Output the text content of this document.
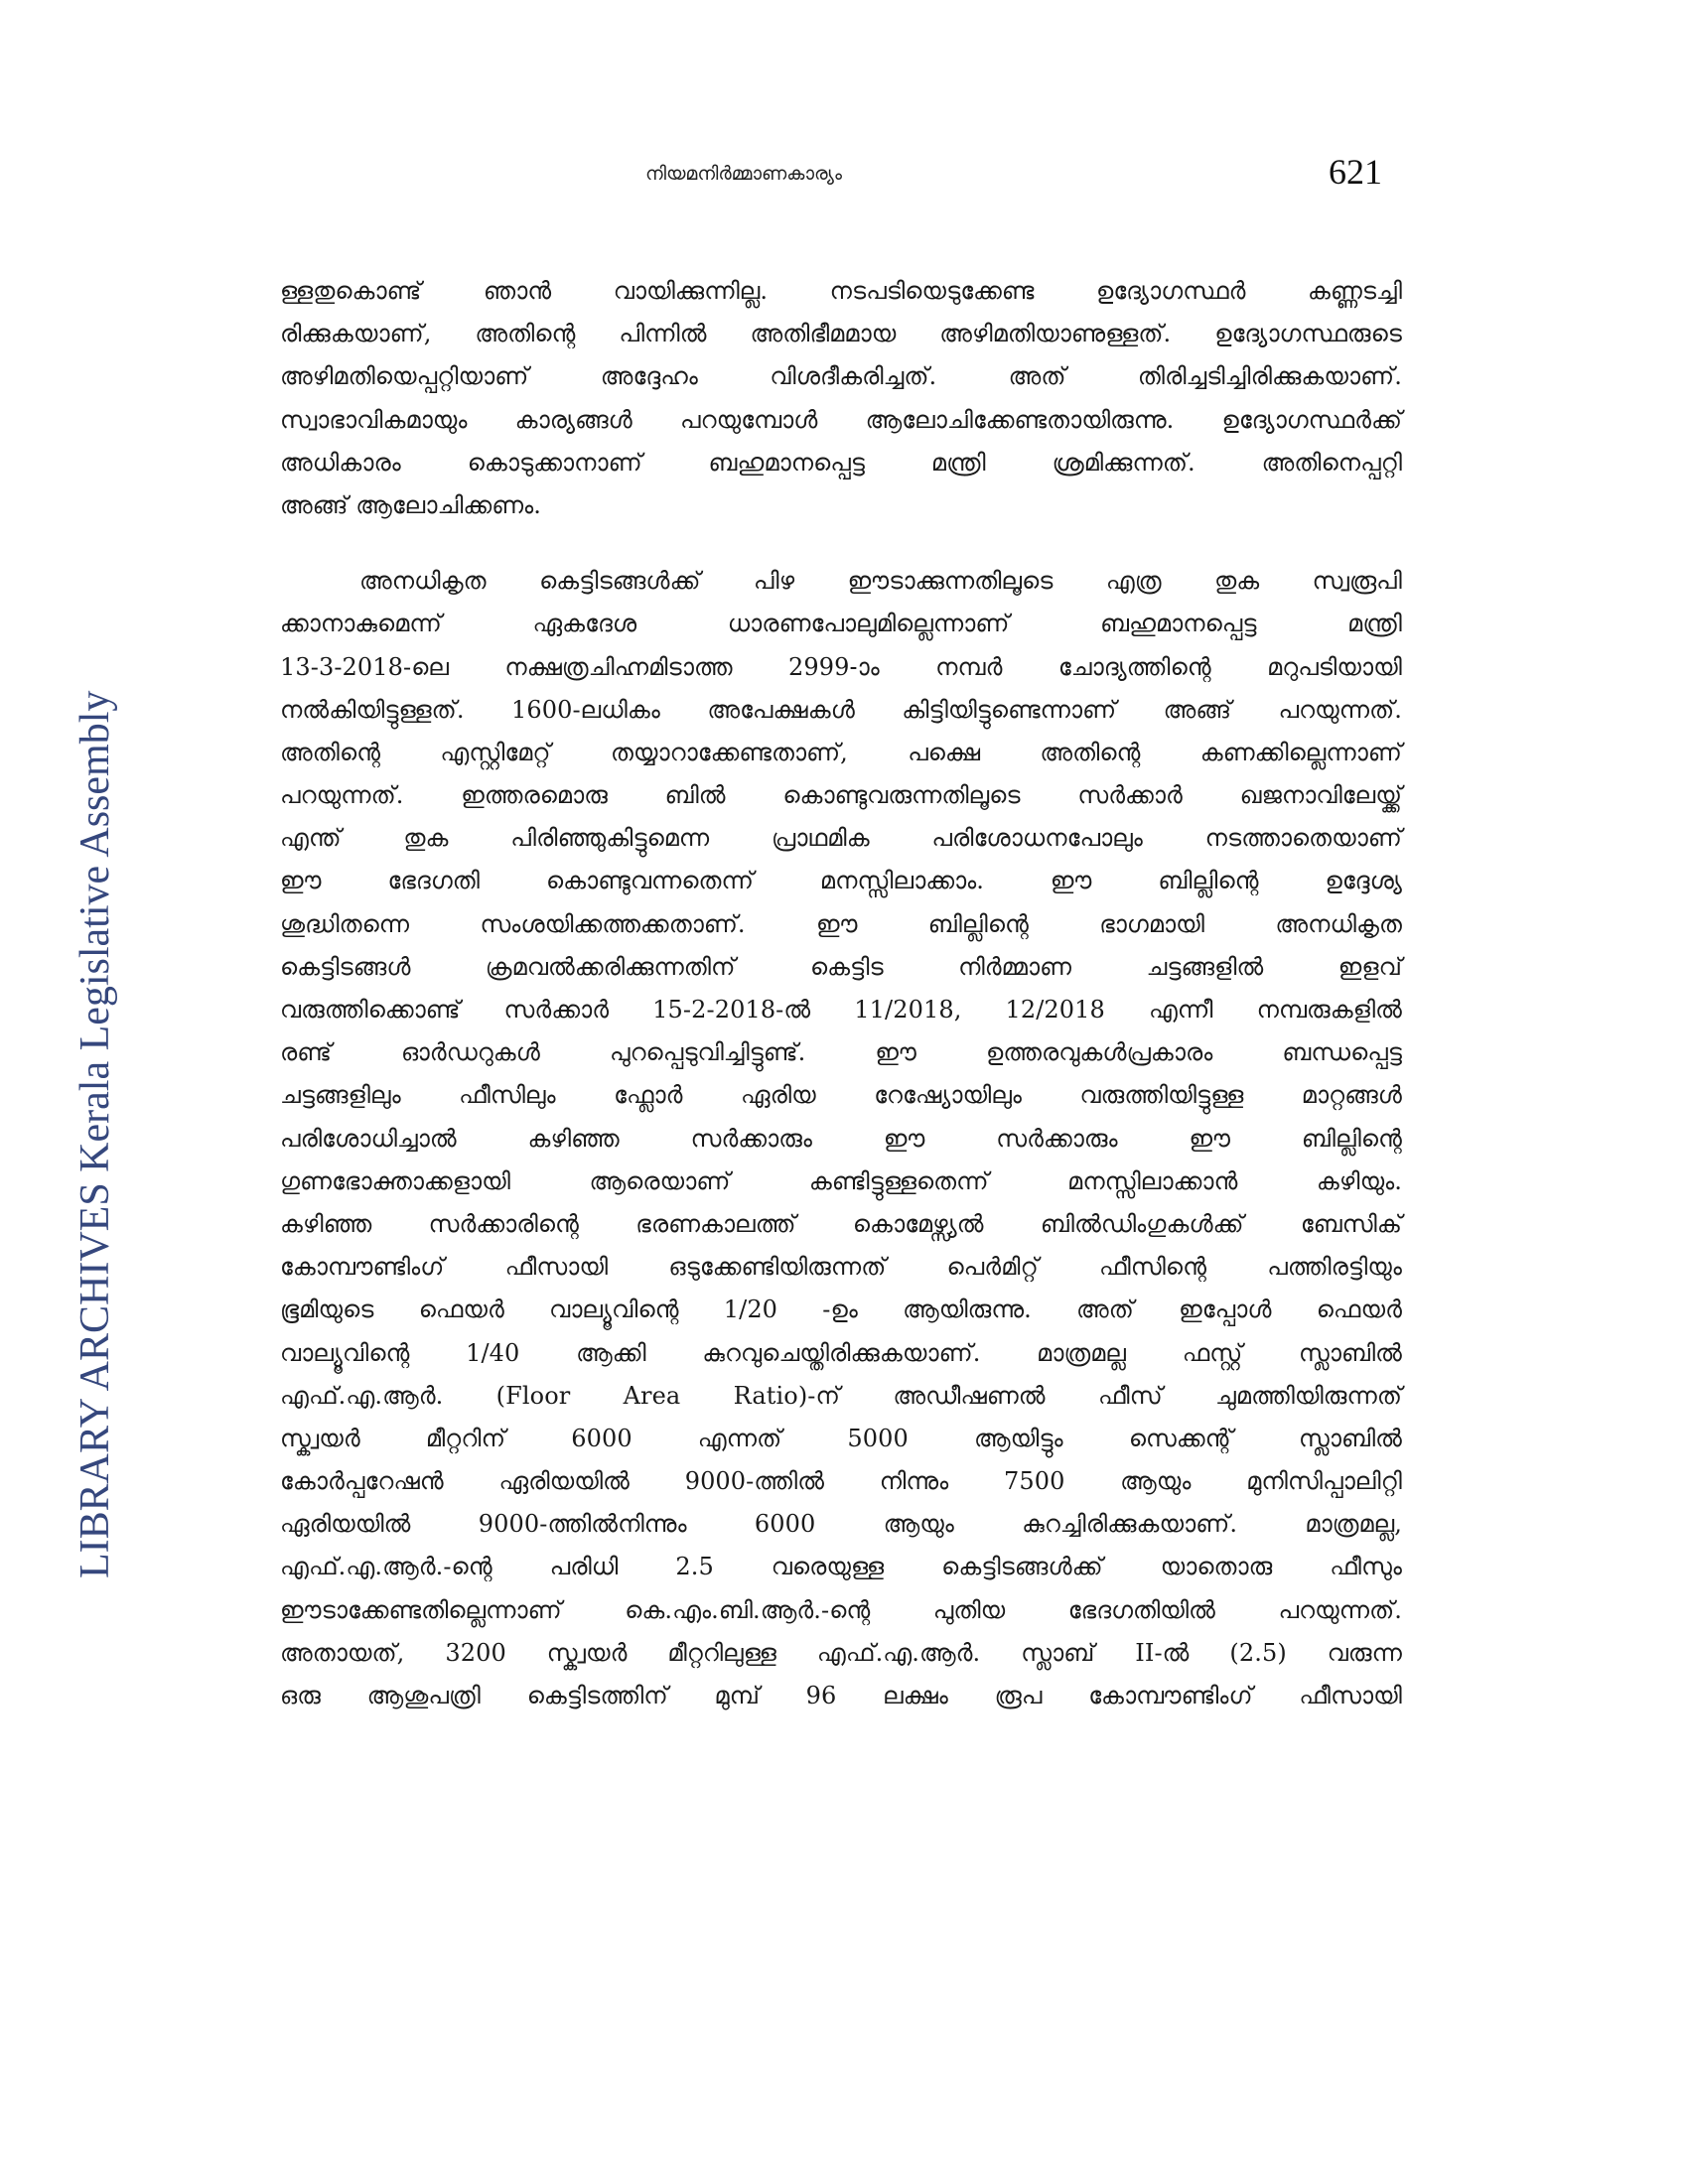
നിയമനിർമ്മാണകാര്യം	621
LIBRARY ARCHIVES Kerala Legislative Assembly
ള്ളതുകൊണ്ട് ഞാൻ വായിക്കുന്നില്ല. നടപടിയെടുക്കേണ്ട ഉദ്യോഗസ്ഥർ കണ്ണടച്ചി
രിക്കുകയാണ്, അതിന്റെ പിന്നിൽ അതിഭീമമായ അഴിമതിയാണുള്ളത്. ഉദ്യോഗസ്ഥരുടെ
അഴിമതിയെപ്പറ്റിയാണ് അദ്ദേഹം വിശദീകരിച്ചത്. അത് തിരിച്ചടിച്ചിരിക്കുകയാണ്.
സ്വാഭാവികമായും കാര്യങ്ങൾ പറയുമ്പോൾ ആലോചിക്കേണ്ടതായിരുന്നു. ഉദ്യോഗസ്ഥർക്ക്
അധികാരം കൊടുക്കാനാണ് ബഹുമാനപ്പെട്ട മന്ത്രി ശ്രമിക്കുന്നത്. അതിനെപ്പറ്റി
അങ്ങ് ആലോചിക്കണം.
അനധികൃത കെട്ടിടങ്ങൾക്ക് പിഴ ഈടാക്കുന്നതിലൂടെ എത്ര തുക സ്വരൂപി
ക്കാനാകുമെന്ന് ഏകദേശ ധാരണപോലുമില്ലെന്നാണ് ബഹുമാനപ്പെട്ട മന്ത്രി
13-3-2018-ലെ നക്ഷത്രചിഹ്നമിടാത്ത 2999-ാം നമ്പർ ചോദ്യത്തിന്റെ മറുപടിയായി
നൽകിയിട്ടുള്ളത്. 1600-ലധികം അപേക്ഷകൾ കിട്ടിയിട്ടുണ്ടെന്നാണ് അങ്ങ് പറയുന്നത്.
അതിന്റെ എസ്റ്റിമേറ്റ് തയ്യാറാക്കേണ്ടതാണ്, പക്ഷെ അതിന്റെ കണക്കില്ലെന്നാണ്
പറയുന്നത്. ഇത്തരമൊരു ബിൽ കൊണ്ടുവരുന്നതിലൂടെ സർക്കാർ ഖജനാവിലേയ്ക്ക്
എന്ത് തുക പിരിഞ്ഞുകിട്ടുമെന്ന പ്രാഥമിക പരിശോധനപോലും നടത്താതെയാണ്
ഈ ഭേദഗതി കൊണ്ടുവന്നതെന്ന് മനസ്സിലാക്കാം. ഈ ബില്ലിന്റെ ഉദ്ദേശ്യ
ശുദ്ധിതന്നെ സംശയിക്കത്തക്കതാണ്. ഈ ബില്ലിന്റെ ഭാഗമായി അനധികൃത
കെട്ടിടങ്ങൾ ക്രമവൽക്കരിക്കുന്നതിന് കെട്ടിട നിർമ്മാണ ചട്ടങ്ങളിൽ ഇളവ്
വരുത്തിക്കൊണ്ട് സർക്കാർ 15-2-2018-ൽ 11/2018, 12/2018 എന്നീ നമ്പരുകളിൽ
രണ്ട് ഓർഡറുകൾ പുറപ്പെടുവിച്ചിട്ടുണ്ട്. ഈ ഉത്തരവുകൾപ്രകാരം ബന്ധപ്പെട്ട
ചട്ടങ്ങളിലും ഫീസിലും ഫ്ലോർ ഏരിയ റേഷ്യോയിലും വരുത്തിയിട്ടുള്ള മാറ്റങ്ങൾ
പരിശോധിച്ചാൽ കഴിഞ്ഞ സർക്കാരും ഈ സർക്കാരും ഈ ബില്ലിന്റെ
ഗുണഭോക്താക്കളായി ആരെയാണ് കണ്ടിട്ടുള്ളതെന്ന് മനസ്സിലാക്കാൻ കഴിയും.
കഴിഞ്ഞ സർക്കാരിന്റെ ഭരണകാലത്ത് കൊമേഴ്സ്യൽ ബിൽഡിംഗുകൾക്ക് ബേസിക്
കോമ്പൗണ്ടിംഗ് ഫീസായി ഒടുക്കേണ്ടിയിരുന്നത് പെർമിറ്റ് ഫീസിന്റെ പത്തിരട്ടിയും
ഭൂമിയുടെ ഫെയർ വാല്യൂവിന്റെ 1/20 -ഉം ആയിരുന്നു. അത് ഇപ്പോൾ ഫെയർ
വാല്യൂവിന്റെ 1/40 ആക്കി കുറവുചെയ്തിരിക്കുകയാണ്. മാത്രമല്ല ഫസ്റ്റ് സ്ലാബിൽ
എഫ്.എ.ആർ. (Floor Area Ratio)-ന് അഡീഷണൽ ഫീസ് ചുമത്തിയിരുന്നത്
സ്ക്വയർ മീറ്ററിന് 6000 എന്നത് 5000 ആയിട്ടും സെക്കന്റ് സ്ലാബിൽ
കോർപ്പറേഷൻ ഏരിയയിൽ 9000-ത്തിൽ നിന്നും 7500 ആയും മുനിസിപ്പാലിറ്റി
ഏരിയയിൽ 9000-ത്തിൽനിന്നും 6000 ആയും കുറച്ചിരിക്കുകയാണ്. മാത്രമല്ല,
എഫ്.എ.ആർ.-ന്റെ പരിധി 2.5 വരെയുള്ള കെട്ടിടങ്ങൾക്ക് യാതൊരു ഫീസും
ഈടാക്കേണ്ടതില്ലെന്നാണ് കെ.എം.ബി.ആർ.-ന്റെ പുതിയ ഭേദഗതിയിൽ പറയുന്നത്.
അതായത്, 3200 സ്ക്വയർ മീറ്ററിലുള്ള എഫ്.എ.ആർ. സ്ലാബ് II-ൽ (2.5) വരുന്ന
ഒരു ആശുപത്രി കെട്ടിടത്തിന് മുമ്പ് 96 ലക്ഷം രൂപ കോമ്പൗണ്ടിംഗ് ഫീസായി
